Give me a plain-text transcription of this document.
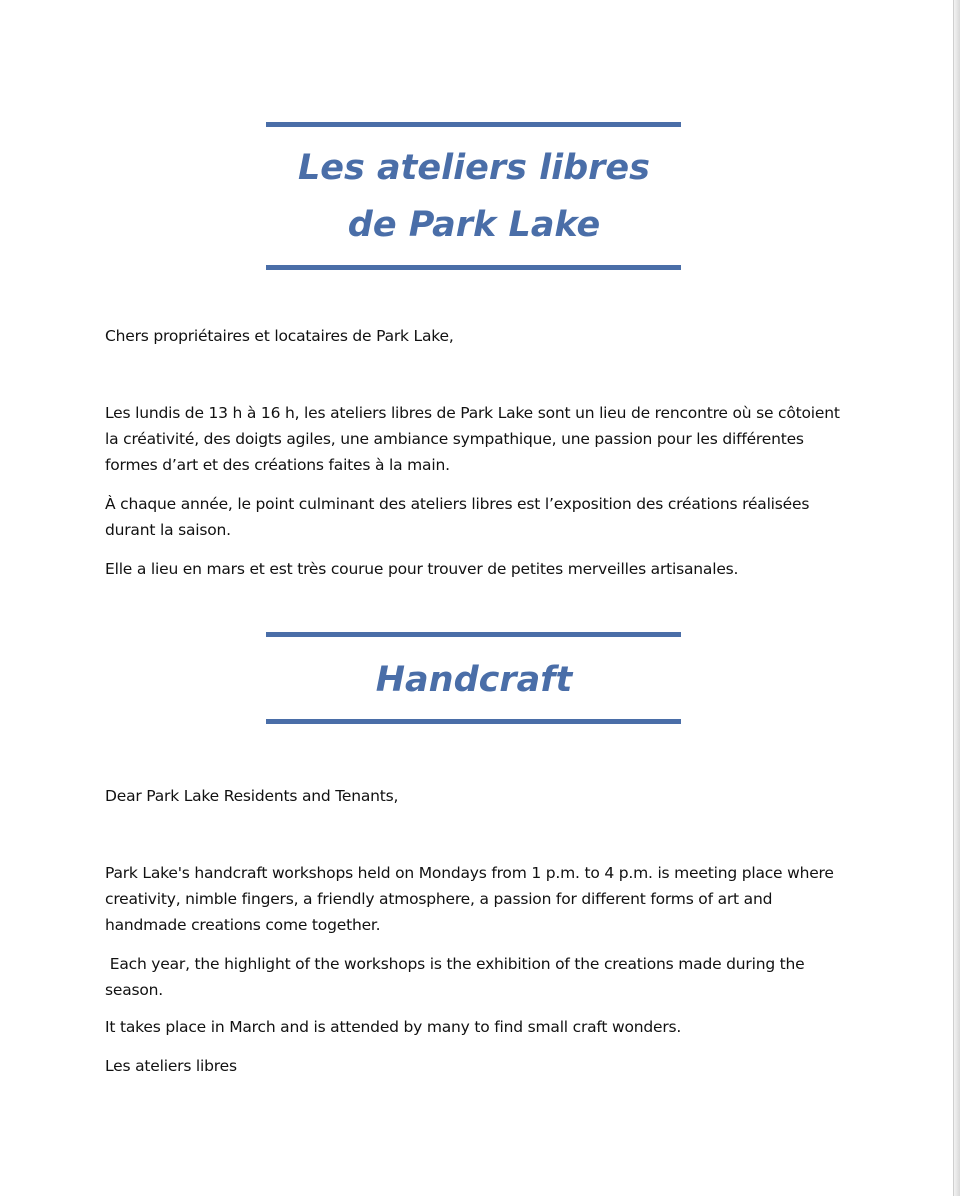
Les ateliers libres
de Park Lake

Chers propriétaires et locataires de Park Lake,

Les lundis de 13 h à 16 h, les ateliers libres de Park Lake sont un lieu de rencontre où se côtoient la créativité, des doigts agiles, une ambiance sympathique, une passion pour les différentes formes d’art et des créations faites à la main.

À chaque année, le point culminant des ateliers libres est l’exposition des créations réalisées durant la saison.

Elle a lieu en mars et est très courue pour trouver de petites merveilles artisanales.

Handcraft

Dear Park Lake Residents and Tenants,

Park Lake's handcraft workshops held on Mondays from 1 p.m. to 4 p.m. is meeting place where creativity, nimble fingers, a friendly atmosphere, a passion for different forms of art and handmade creations come together.

Each year, the highlight of the workshops is the exhibition of the creations made during the season.

It takes place in March and is attended by many to find small craft wonders.

Les ateliers libres
